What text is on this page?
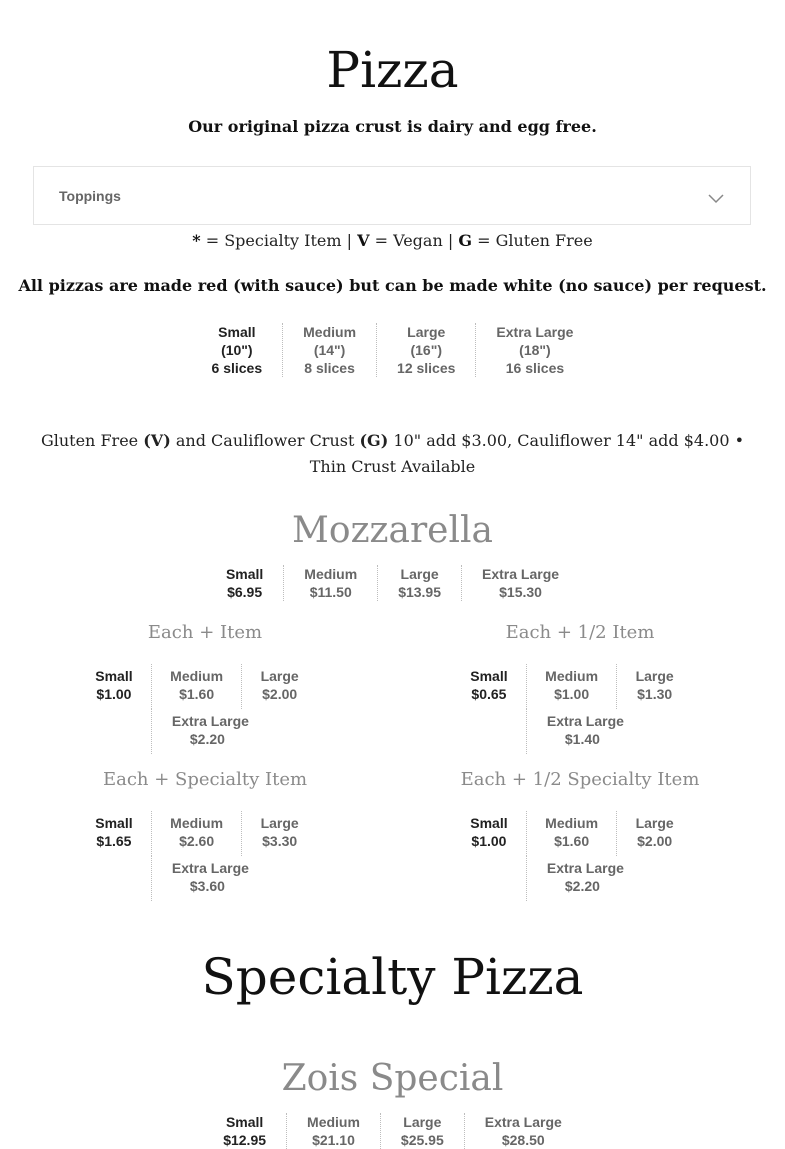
Pizza
Our original pizza crust is dairy and egg free.
Toppings
* = Specialty Item | V = Vegan | G = Gluten Free
All pizzas are made red (with sauce) but can be made white (no sauce) per request.
Small
(10")
6 slices
Medium
(14")
8 slices
Large
(16")
12 slices
Extra Large
(18")
16 slices
Gluten Free (V) and Cauliflower Crust (G) 10" add $3.00, Cauliflower 14" add $4.00 • Thin Crust Available
Mozzarella
Small
$6.95
Medium
$11.50
Large
$13.95
Extra Large
$15.30
Each + Item
Small
$1.00
Medium
$1.60
Large
$2.00
Extra Large
$2.20
Each + 1/2 Item
Small
$0.65
Medium
$1.00
Large
$1.30
Extra Large
$1.40
Each + Specialty Item
Small
$1.65
Medium
$2.60
Large
$3.30
Extra Large
$3.60
Each + 1/2 Specialty Item
Small
$1.00
Medium
$1.60
Large
$2.00
Extra Large
$2.20
Specialty Pizza
Zois Special
Small
$12.95
Medium
$21.10
Large
$25.95
Extra Large
$28.50
